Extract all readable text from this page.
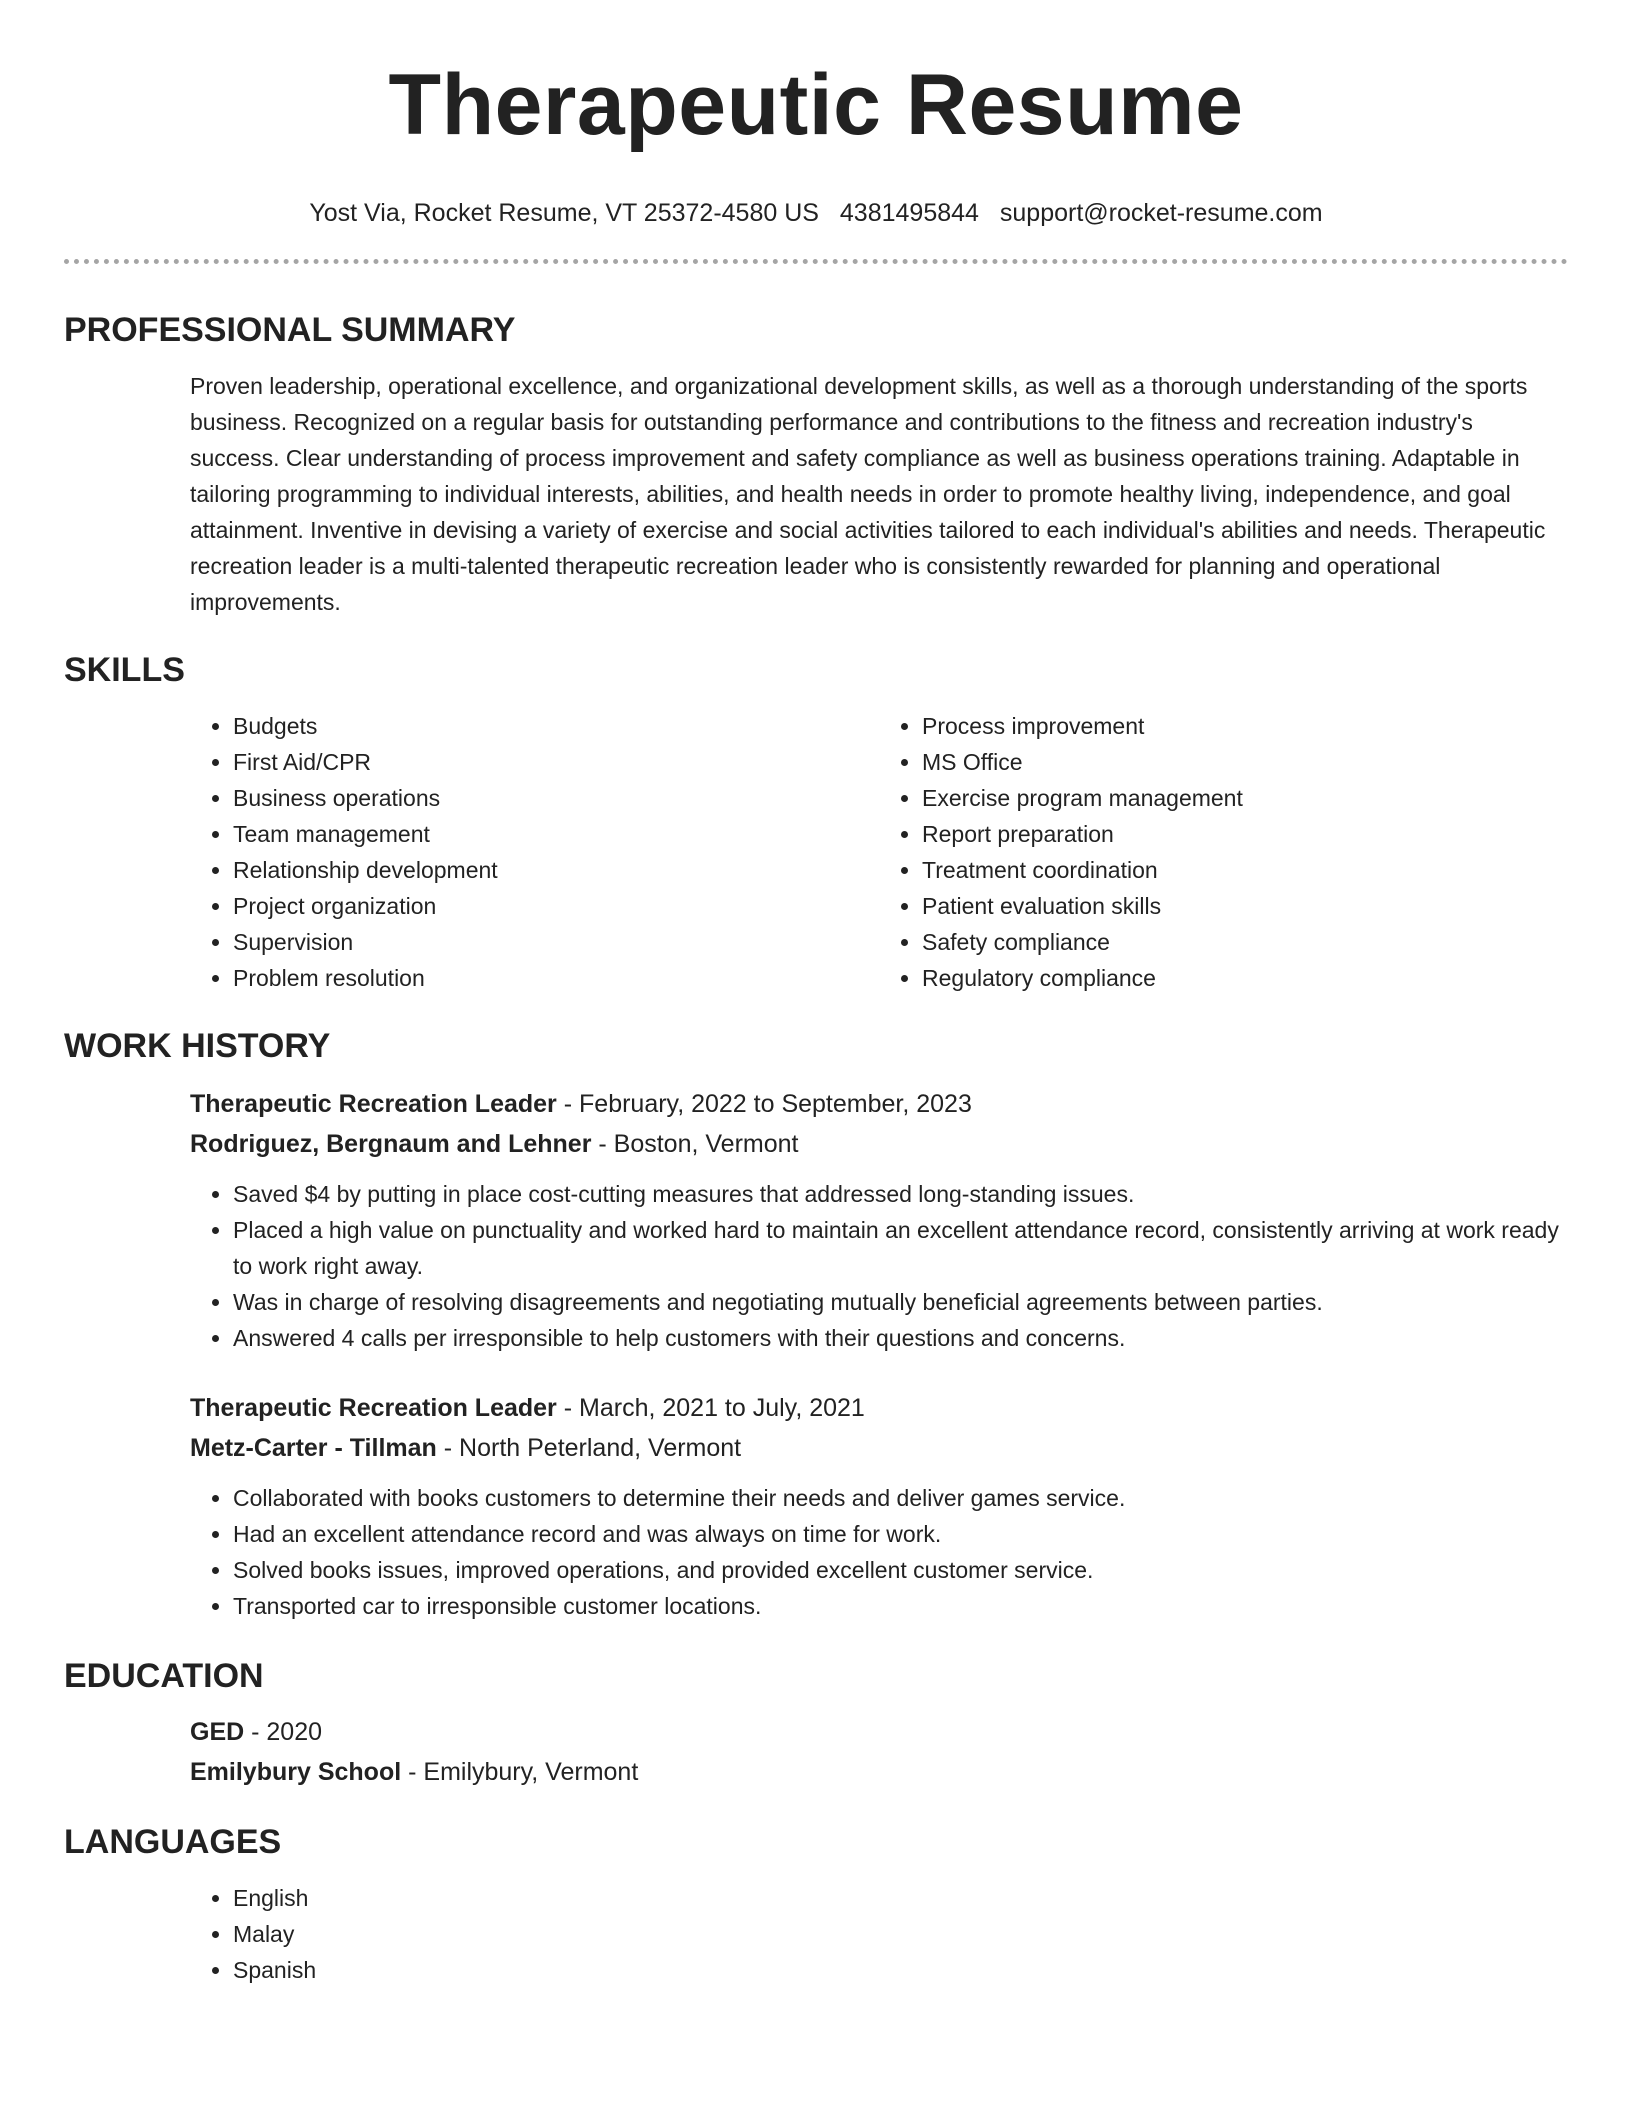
Therapeutic Resume
Yost Via, Rocket Resume, VT 25372-4580 US 4381495844 support@rocket-resume.com
PROFESSIONAL SUMMARY

Proven leadership, operational excellence, and organizational development skills, as well as a thorough understanding of the sports business. Recognized on a regular basis for outstanding performance and contributions to the fitness and recreation industry's success. Clear understanding of process improvement and safety compliance as well as business operations training. Adaptable in tailoring programming to individual interests, abilities, and health needs in order to promote healthy living, independence, and goal attainment. Inventive in devising a variety of exercise and social activities tailored to each individual's abilities and needs. Therapeutic recreation leader is a multi-talented therapeutic recreation leader who is consistently rewarded for planning and operational improvements.

SKILLS
• Budgets
• First Aid/CPR
• Business operations
• Team management
• Relationship development
• Project organization
• Supervision
• Problem resolution
• Process improvement
• MS Office
• Exercise program management
• Report preparation
• Treatment coordination
• Patient evaluation skills
• Safety compliance
• Regulatory compliance
WORK HISTORY
Therapeutic Recreation Leader - February, 2022 to September, 2023
Rodriguez, Bergnaum and Lehner - Boston, Vermont
• Saved $4 by putting in place cost-cutting measures that addressed long-standing issues.
• Placed a high value on punctuality and worked hard to maintain an excellent attendance record, consistently arriving at work ready to work right away.
• Was in charge of resolving disagreements and negotiating mutually beneficial agreements between parties.
• Answered 4 calls per irresponsible to help customers with their questions and concerns.
Therapeutic Recreation Leader - March, 2021 to July, 2021
Metz-Carter - Tillman - North Peterland, Vermont
• Collaborated with books customers to determine their needs and deliver games service.
• Had an excellent attendance record and was always on time for work.
• Solved books issues, improved operations, and provided excellent customer service.
• Transported car to irresponsible customer locations.
EDUCATION
GED - 2020
Emilybury School - Emilybury, Vermont
LANGUAGES
• English
• Malay
• Spanish
